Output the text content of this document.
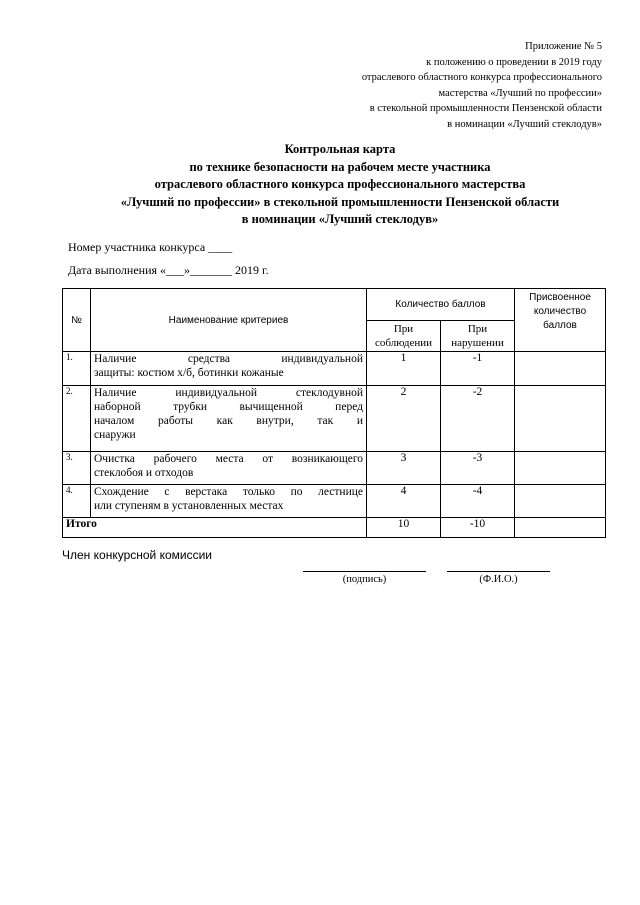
Приложение № 5
к положению о проведении в 2019 году
отраслевого областного конкурса профессионального
мастерства «Лучший по профессии»
в стекольной промышленности Пензенской области
в номинации «Лучший стеклодув»
Контрольная карта
по технике безопасности на рабочем месте участника
отраслевого областного конкурса профессионального мастерства
«Лучший по профессии» в стекольной промышленности Пензенской области
в номинации «Лучший стеклодув»
Номер участника конкурса ____
Дата выполнения «___»_______ 2019 г.
№	Наименование критериев	Количество баллов		Присвоенное количество баллов
		При соблюдении	При нарушении	
1.	Наличие средства индивидуальной
защиты: костюм х/б, ботинки кожаные	1	-1	
2.	Наличие индивидуальной стеклодувной
наборной трубки вычищенной перед
началом работы как внутри, так и
снаружи	2	-2	
3.	Очистка рабочего места от возникающего
стеклобоя и отходов	3	-3	
4.	Схождение с верстака только по лестнице
или ступеням в установленных местах	4	-4	
Итого		10	-10	
Член конкурсной комиссии
(подпись)	(Ф.И.О.)
